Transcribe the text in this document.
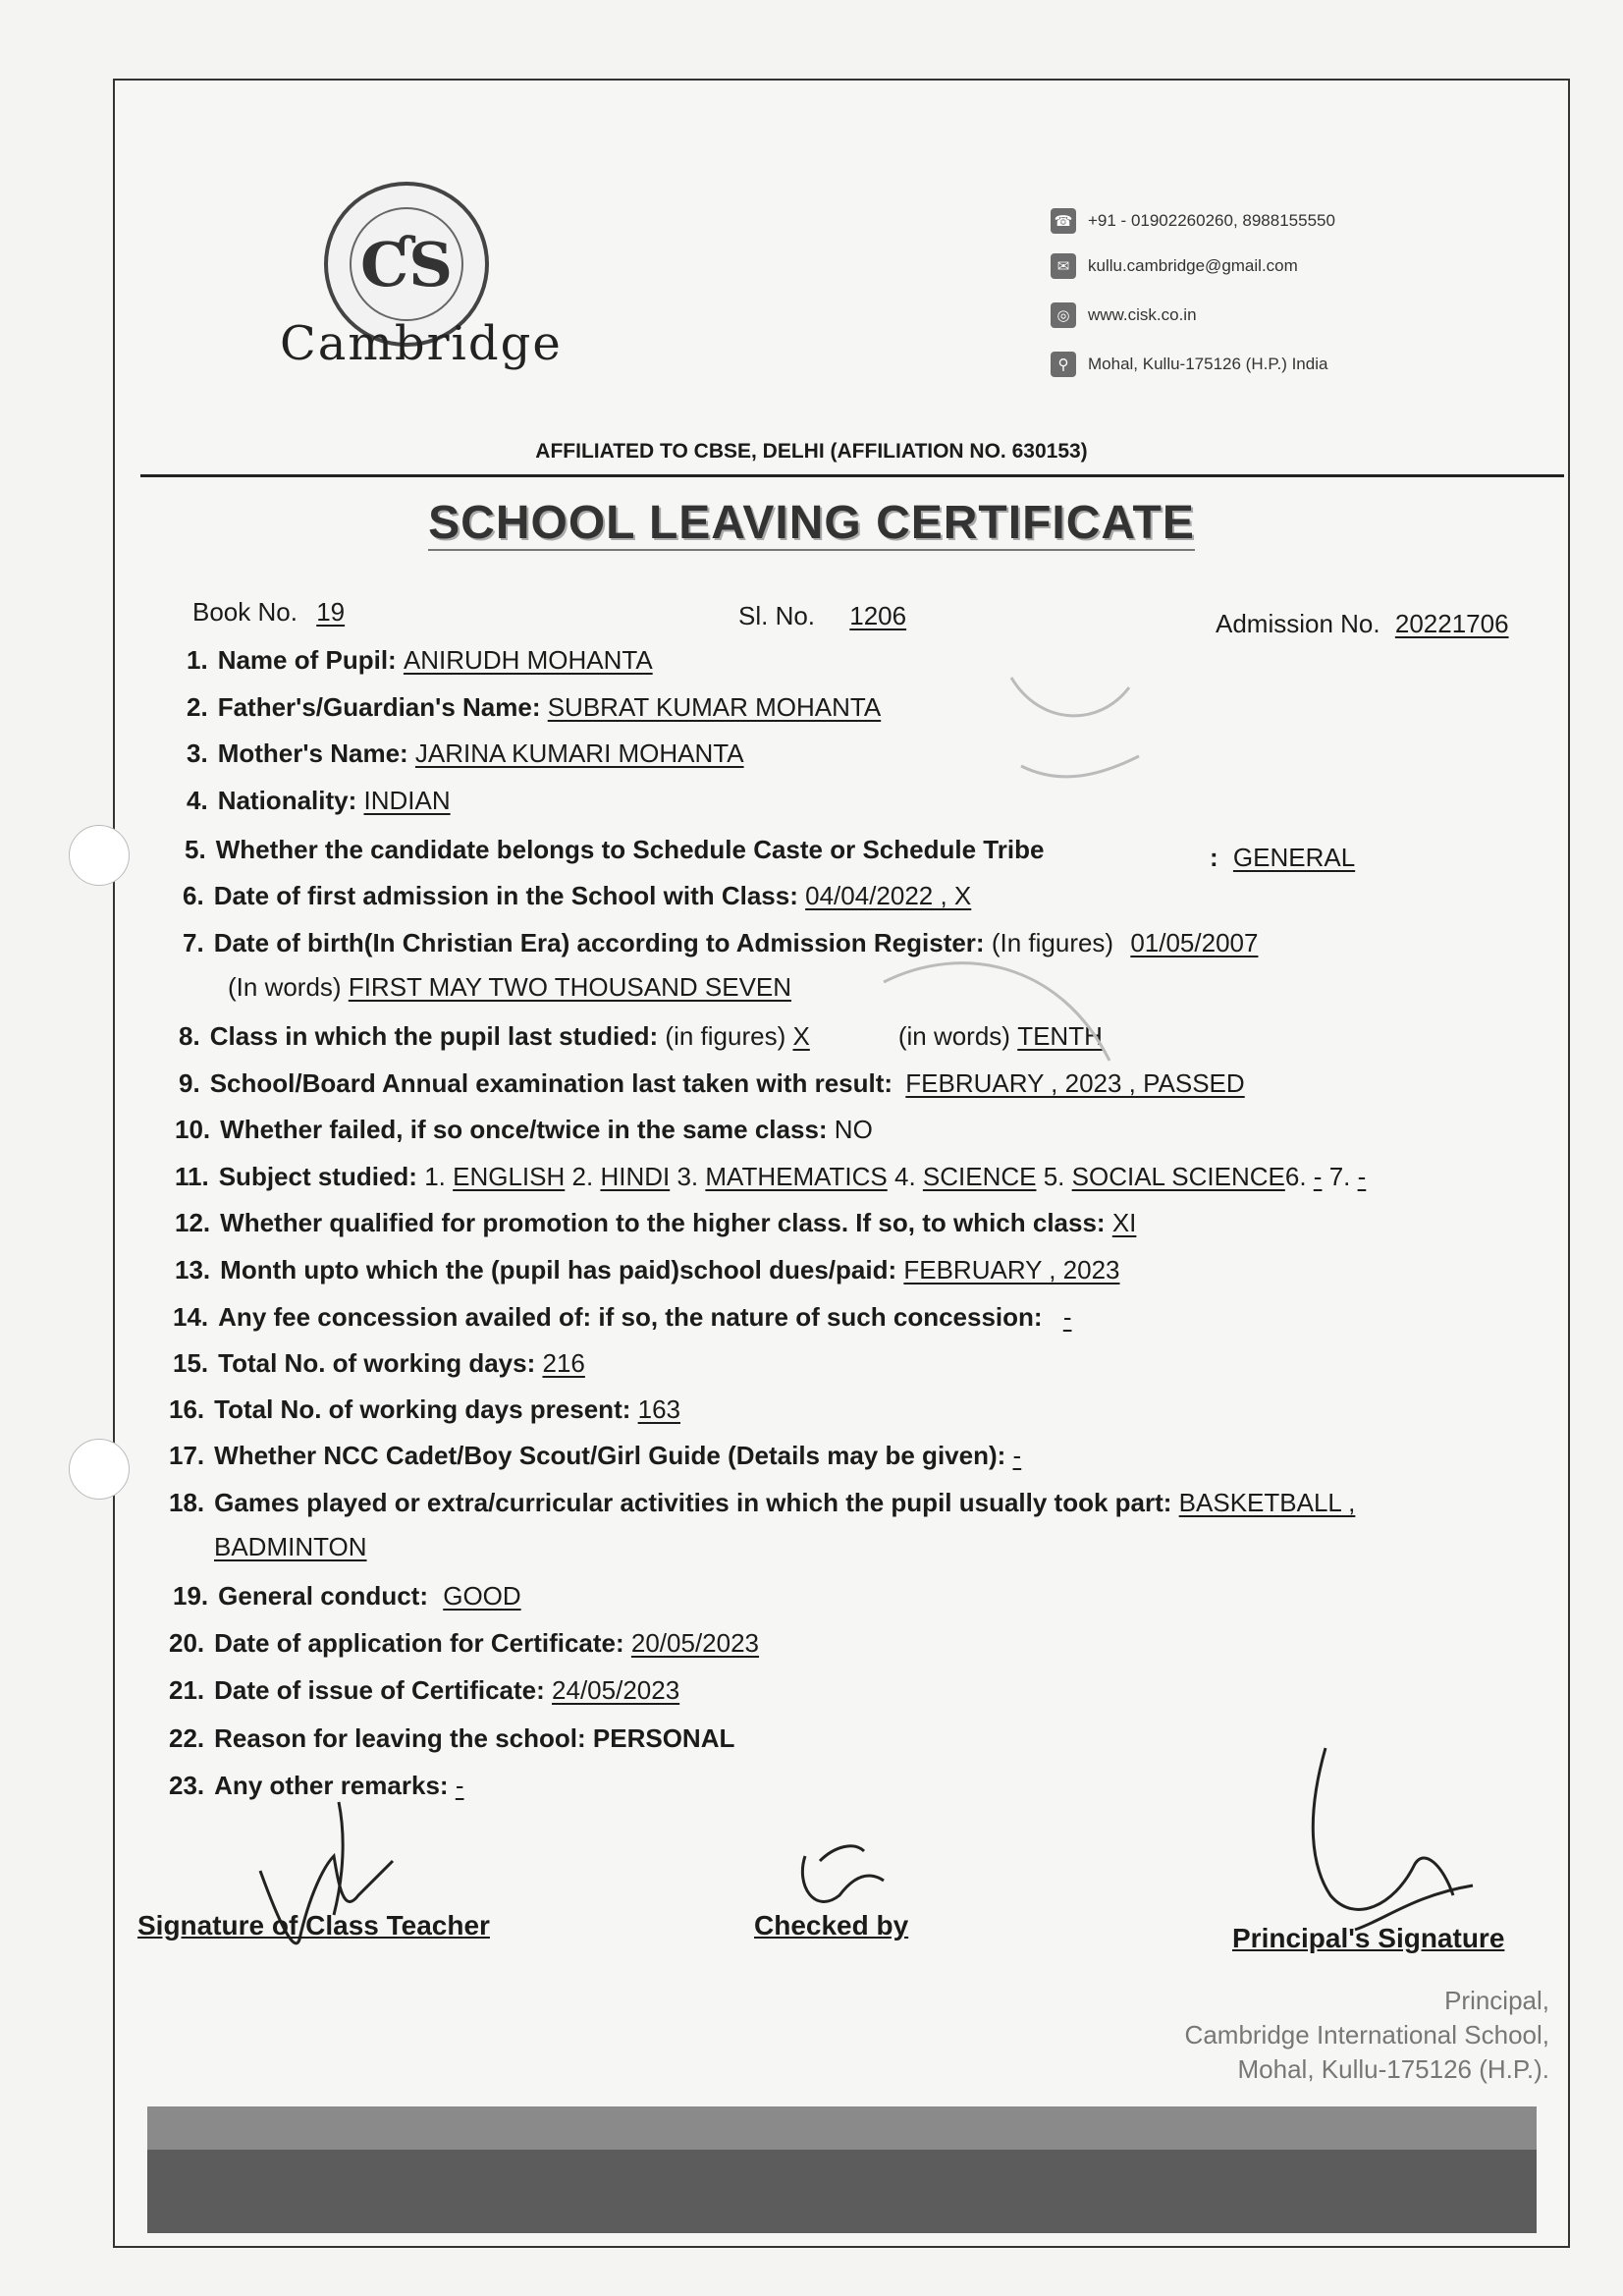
ƇS
Cambridge
☎ +91 - 01902260260, 8988155550
✉	kullu.cambridge@gmail.com
◎	www.cisk.co.in
⚲	Mohal, Kullu-175126 (H.P.) India
AFFILIATED TO CBSE, DELHI (AFFILIATION NO. 630153)
SCHOOL LEAVING CERTIFICATE
Book No. 19	Sl. No. 1206	Admission No. 20221706
1. Name of Pupil: ANIRUDH MOHANTA
2. Father's/Guardian's Name: SUBRAT KUMAR MOHANTA
3. Mother's Name: JARINA KUMARI MOHANTA
4. Nationality: INDIAN
5. Whether the candidate belongs to Schedule Caste or Schedule Tribe	: GENERAL
6. Date of first admission in the School with Class: 04/04/2022 , X
7. Date of birth(In Christian Era) according to Admission Register: (In figures) 01/05/2007
(In words) FIRST MAY TWO THOUSAND SEVEN
8. Class in which the pupil last studied: (in figures) X	(in words) TENTH
9. School/Board Annual examination last taken with result: FEBRUARY , 2023 , PASSED
10. Whether failed, if so once/twice in the same class: NO
11. Subject studied: 1. ENGLISH 2. HINDI 3. MATHEMATICS 4. SCIENCE 5. SOCIAL SCIENCE6. - 7. -
12. Whether qualified for promotion to the higher class. If so, to which class: XI
13. Month upto which the (pupil has paid)school dues/paid: FEBRUARY , 2023
14. Any fee concession availed of: if so, the nature of such concession: -
15. Total No. of working days: 216
16. Total No. of working days present: 163
17. Whether NCC Cadet/Boy Scout/Girl Guide (Details may be given): -
18. Games played or extra/curricular activities in which the pupil usually took part: BASKETBALL ,
BADMINTON
19. General conduct: GOOD
20. Date of application for Certificate: 20/05/2023
21. Date of issue of Certificate: 24/05/2023
22. Reason for leaving the school: PERSONAL
23. Any other remarks: -
Signature of Class Teacher	Checked by	Principal's Signature
Principal,
Cambridge International School,
Mohal, Kullu-175126 (H.P.).
